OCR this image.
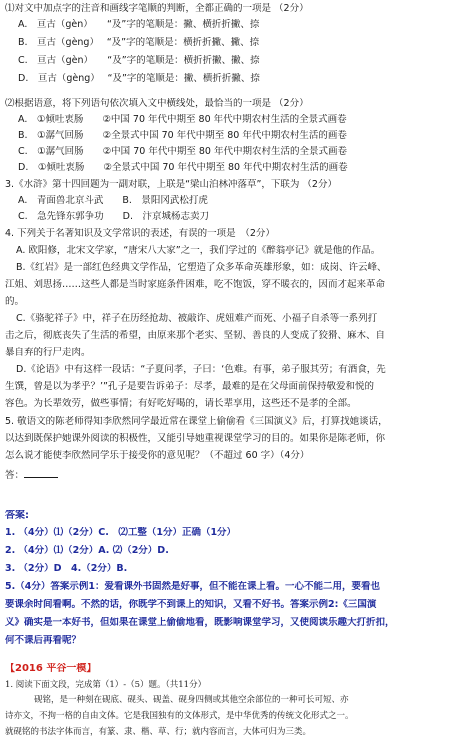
⑴对文中加点字的注音和画线字笔顺的判断，全都正确的一项是 （2分）
A.　亘古（gèn）　　“及”字的笔顺是：撇、横折折撇、捺
B.　亘古（gèng）　 “及”字的笔顺是：横折折撇、撇、捺
C.　亘古（gèn）　　“及”字的笔顺是：横折折撇、撇、捺
D.　亘古（gèng）　 “及”字的笔顺是：撇、横折折撇、捺
⑵根据语意，将下列语句依次填入文中横线处，最恰当的一项是 （2分）
A.　①倾吐衷肠　　②中国 70 年代中期至 80 年代中期农村生活的全景式画卷
B.　①潺气回肠　　②全景式中国 70 年代中期至 80 年代中期农村生活的画卷
C.　①潺气回肠　　②中国 70 年代中期至 80 年代中期农村生活的全景式画卷
D.　①倾吐衷肠　　②全景式中国 70 年代中期至 80 年代中期农村生活的画卷
3.《水浒》第十四回题为一副对联，上联是“梁山泊林冲落草”，下联为 （2分）
A.　青面兽北京斗武　　B.　景阳冈武松打虎
C.　急先锋东郭争功　　D.　汴京城杨志卖刀
4. 下列关于名著知识及文学常识的表述，有误的一项是　（2分）
A. 欧阳修，北宋文学家，“唐宋八大家”之一，我们学过的《醉翁亭记》就是他的作品。
B.《红岩》是一部红色经典文学作品，它塑造了众多革命英雄形象，如：成岗、许云峰、
江姐、刘思扬……这些人都是当时家庭条件困难，吃不饱饭，穿不暖衣的，因而才起来革命
的。
C.《骆驼祥子》中，祥子在历经抢劫、被敲诈、虎妞难产而死、小福子自杀等一系列打
击之后，彻底丧失了生活的希望，由原来那个老实、坚韧、善良的人变成了狡猾、麻木、自
暴自弃的行尸走肉。
D.《论语》中有这样一段话：“子夏问孝，子曰：‘色难。有事，弟子服其劳；有酒食，先
生馔，曾是以为孝乎？’”孔子是要告诉弟子：尽孝，最难的是在父母面前保持敬爱和悦的
容色。为长辈效劳，做些事情；有好吃好喝的，请长辈享用，这些还不是孝的全部。
5. 敬语文的陈老师得知李欣然同学最近常在课堂上偷偷看《三国演义》后，打算找她谈话，
以达到既保护她课外阅读的积极性，又能引导她重视课堂学习的目的。如果你是陈老师，你
怎么说才能使李欣然同学乐于接受你的意见呢？（不超过 60 字）（4分）
答：
答案:
1. （4分）⑴（2分）C.　⑵工整（1分）正确（1分）
2. （4分）⑴（2分）A. ⑵（2分）D.
3. （2分）D　4.（2分）B.
5.（4分）答案示例1：爱看课外书固然是好事，但不能在课上看。一心不能二用，要看也
要课余时间看啊。不然的话，你既学不到课上的知识，又看不好书。答案示例2:《三国演
义》确实是一本好书，但如果在课堂上偷偷地看，既影响课堂学习，又使阅读乐趣大打折扣，
何不课后再看呢？
【2016 平谷一模】
1. 阅读下面文段，完成第（1）-（5）题。（共11分）
砚铭，是一种刻在砚底、砚头、砚盖、砚身四侧或其他空余部位的一种可长可短、亦
诗亦文，不拘一格的自由文体。它是我国独有的文体形式，是中华优秀的传统文化形式之一。
就砚铭的书法字体而言，有篆、隶、楷、草、行；就内容而言，大体可归为三类。
